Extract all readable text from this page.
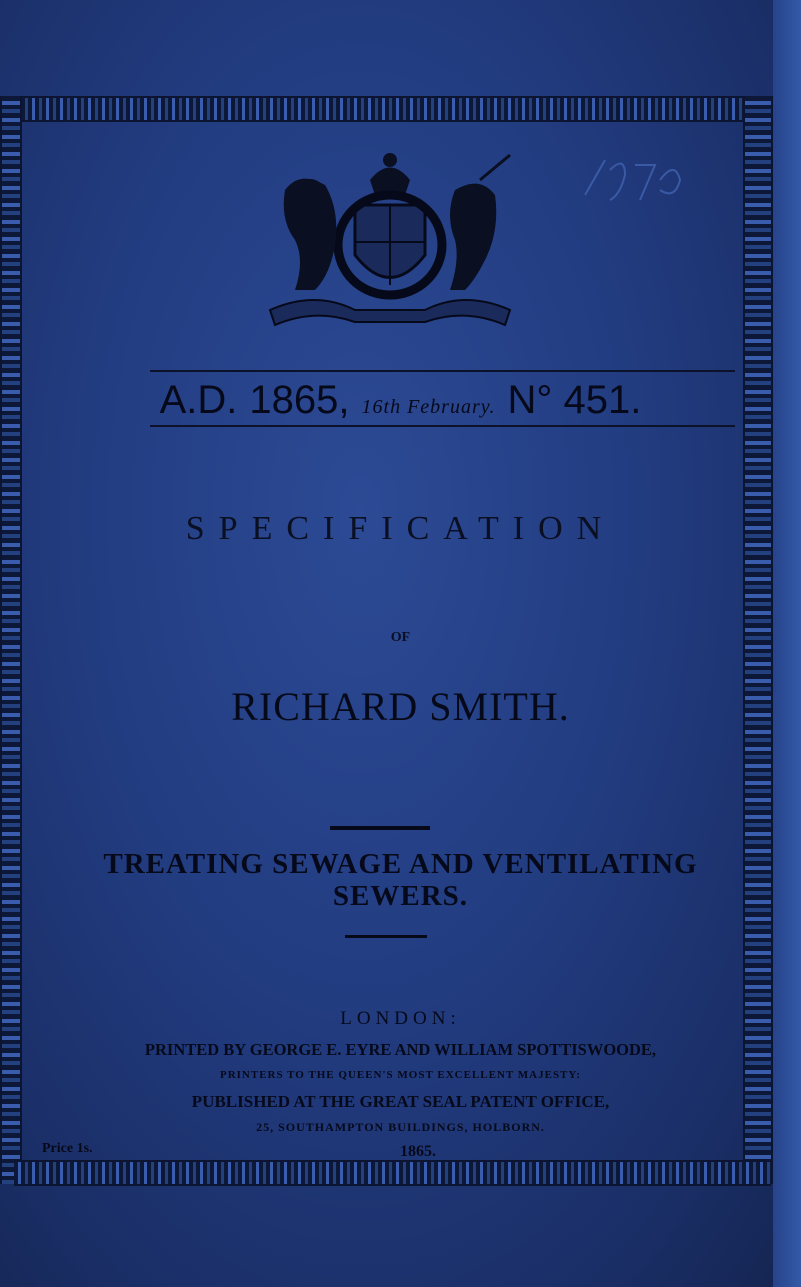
A.D. 1865, 16th February. N° 451.
SPECIFICATION
OF
RICHARD SMITH.
TREATING SEWAGE AND VENTILATING
SEWERS.
LONDON:
PRINTED BY GEORGE E. EYRE AND WILLIAM SPOTTISWOODE,
PRINTERS TO THE QUEEN'S MOST EXCELLENT MAJESTY:
PUBLISHED AT THE GREAT SEAL PATENT OFFICE,
25, SOUTHAMPTON BUILDINGS, HOLBORN.
Price 1s.	1865.
